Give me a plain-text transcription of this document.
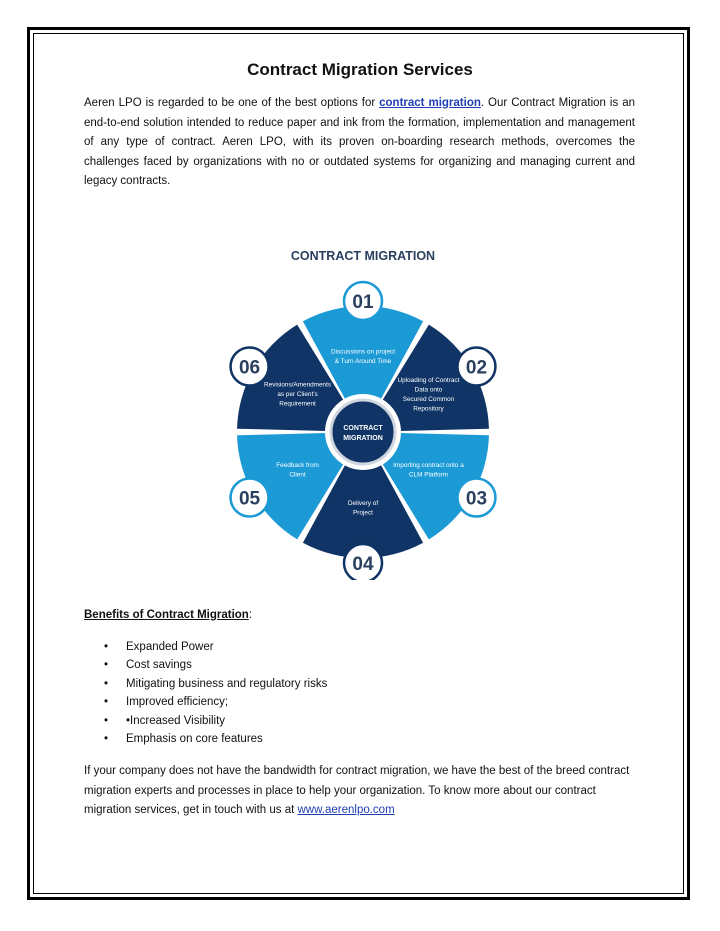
Contract Migration Services
Aeren LPO is regarded to be one of the best options for contract migration. Our Contract Migration is an end-to-end solution intended to reduce paper and ink from the formation, implementation and management of any type of contract. Aeren LPO, with its proven on-boarding research methods, overcomes the challenges faced by organizations with no or outdated systems for organizing and managing current and legacy contracts.
CONTRACT MIGRATION
Discussions on project
& Turn Around Time
Uploading of Contract
Data onto
Secured Common
Repository
Importing contract onto a
CLM Platform
Delivery of
Project
Feedback from
Client
Revisions/Amendments
as per Client's
Requirement
01
02
03
04
05
06
CONTRACT
MIGRATION
Benefits of Contract Migration:
• Expanded Power
• Cost savings
• Mitigating business and regulatory risks
• Improved efficiency;
• •Increased Visibility
• Emphasis on core features
If your company does not have the bandwidth for contract migration, we have the best of the breed contract migration experts and processes in place to help your organization. To know more about our contract migration services, get in touch with us at www.aerenlpo.com
